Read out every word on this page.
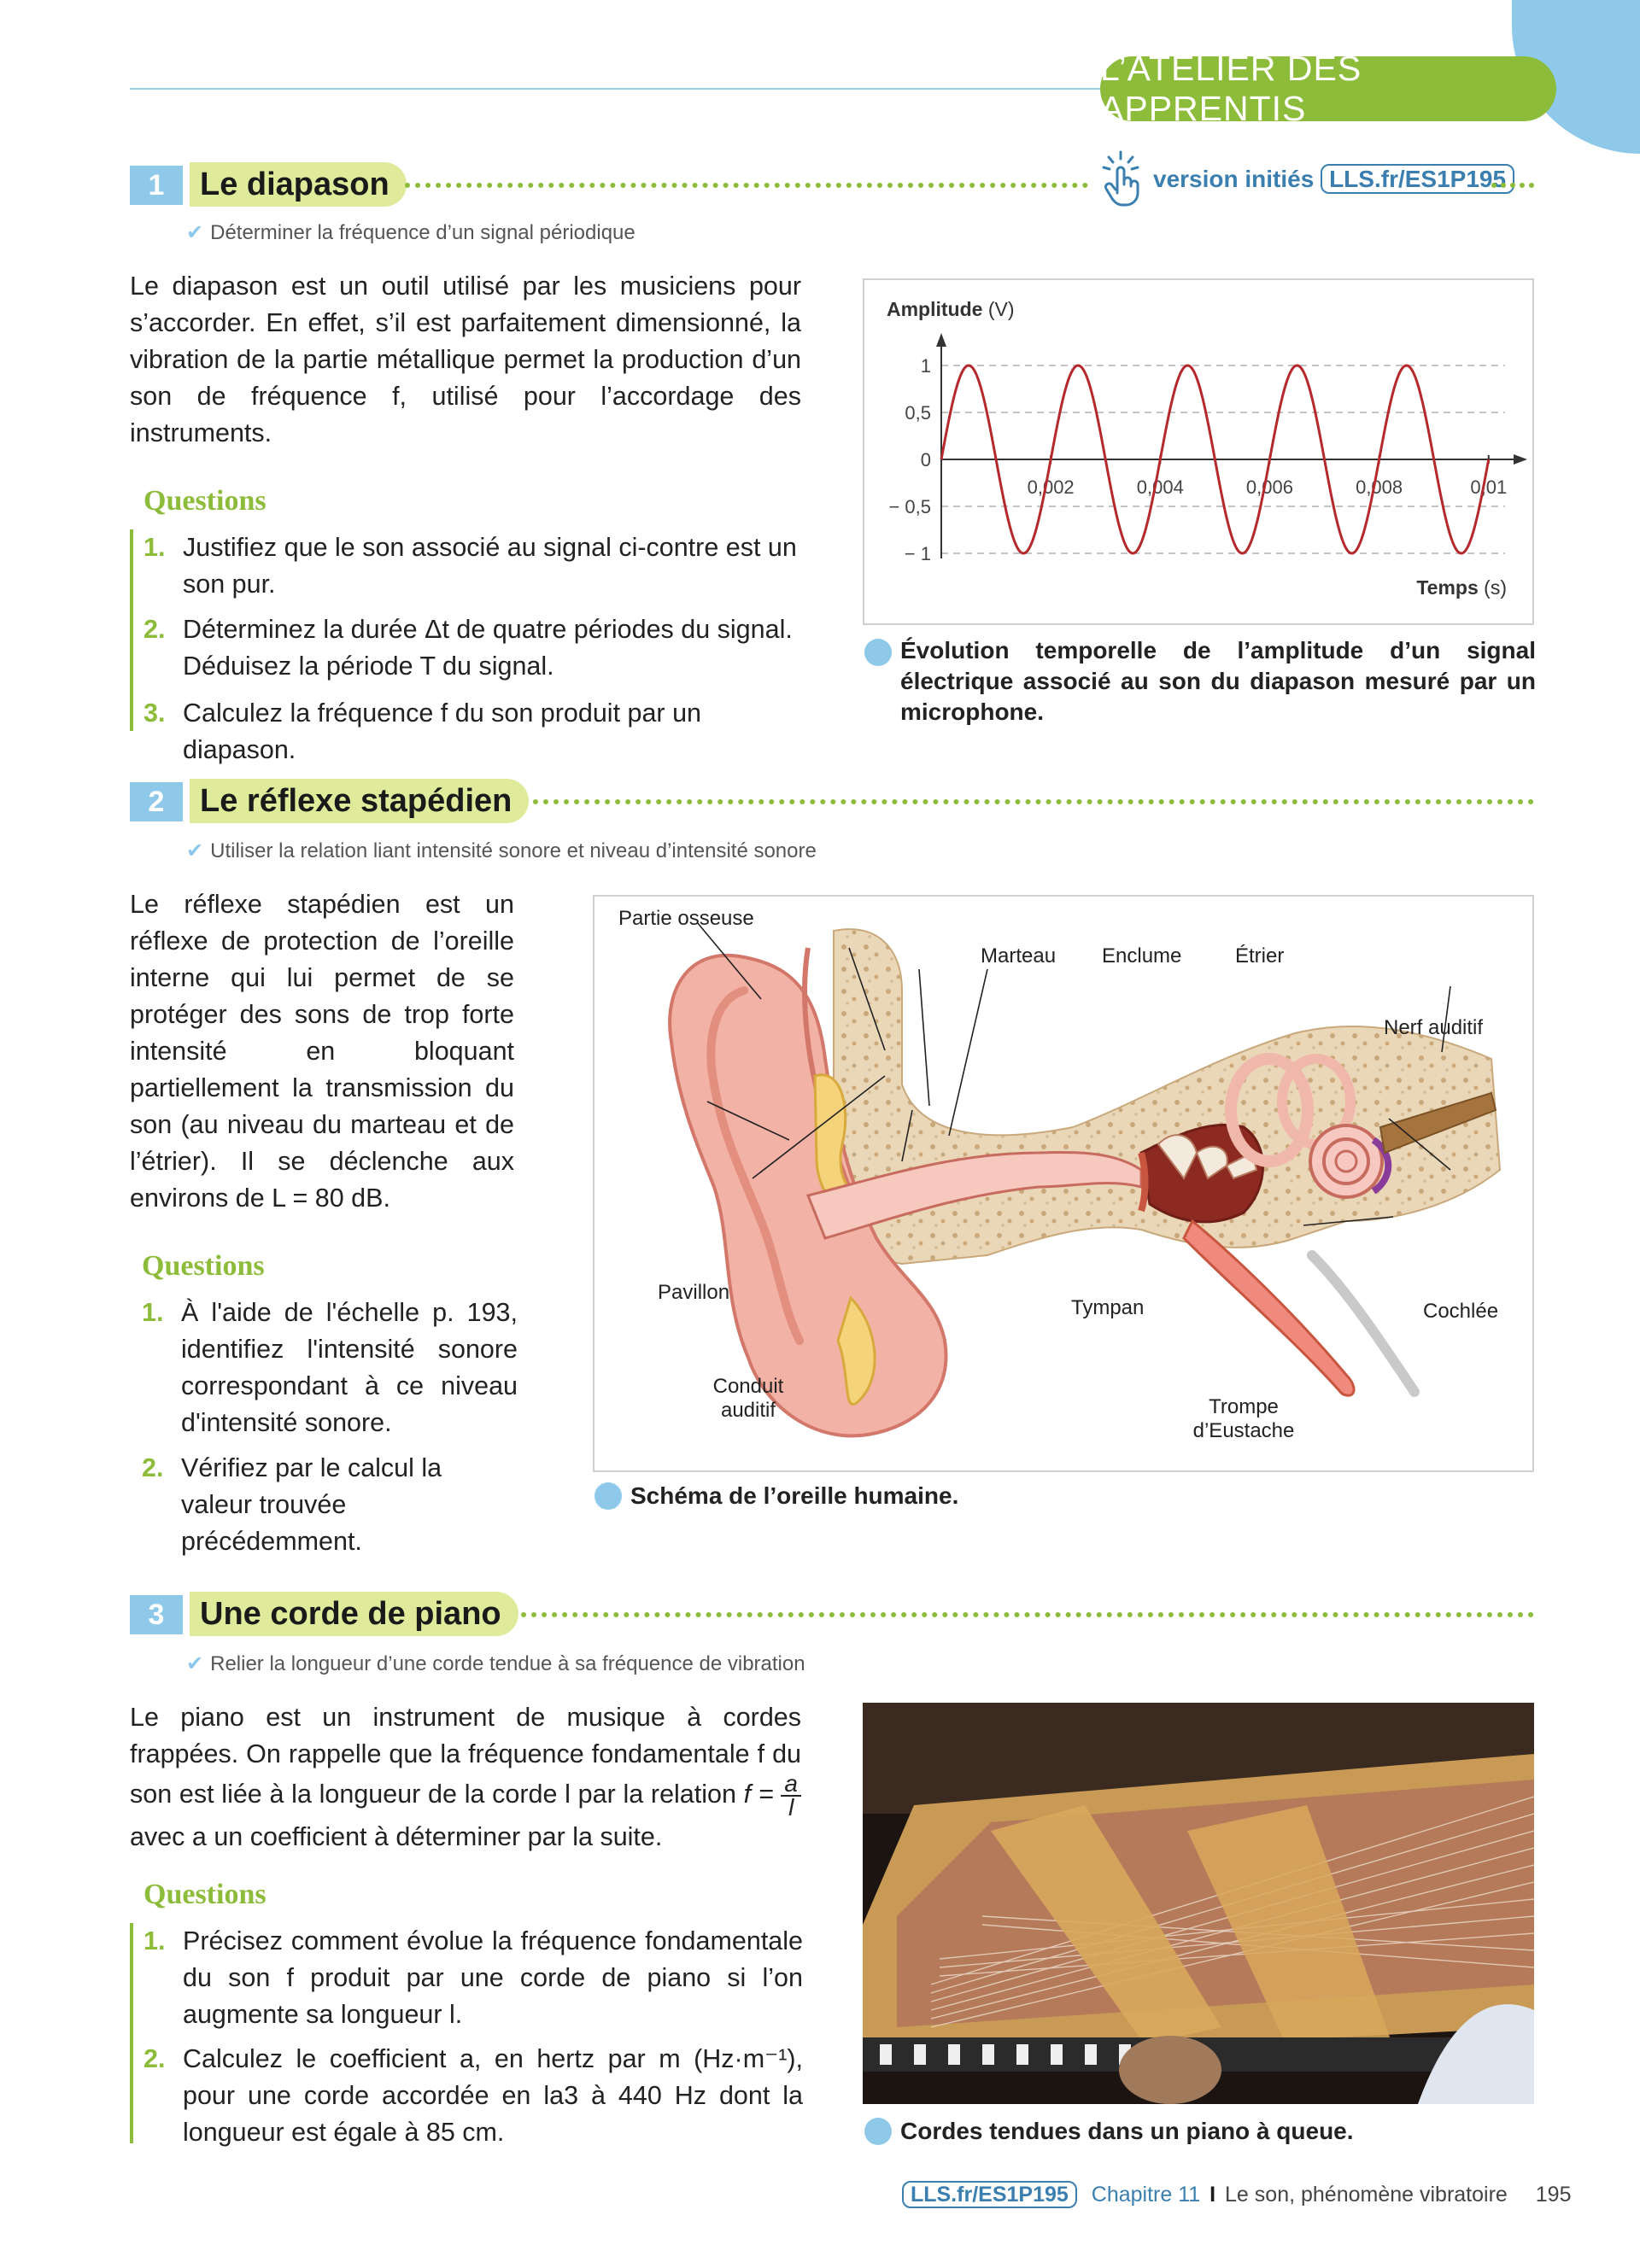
L’ATELIER DES APPRENTIS
1	Le diapason	version initiés LLS.fr/ES1P195
✔ Déterminer la fréquence d’un signal périodique
Le diapason est un outil utilisé par les musiciens pour s’accorder. En effet, s’il est parfaitement dimensionné, la vibration de la partie métallique permet la production d’un son de fréquence f, utilisé pour l’accordage des instruments.
Questions
1. Justifiez que le son associé au signal ci-contre est un son pur.
2. Déterminez la durée Δt de quatre périodes du signal. Déduisez la période T du signal.
3. Calculez la fréquence f du son produit par un diapason.
1
0,5
0
− 0,5
− 1
0,002	0,004	0,006	0,008	0,01
Amplitude (V)
Temps (s)
Évolution temporelle de l’amplitude d’un signal électrique associé au son du diapason mesuré par un microphone.
2	Le réflexe stapédien
✔ Utiliser la relation liant intensité sonore et niveau d’intensité sonore
Le réflexe stapédien est un réflexe de protection de l’oreille interne qui lui permet de se protéger des sons de trop forte intensité en bloquant partiellement la transmission du son (au niveau du marteau et de l’étrier). Il se déclenche aux environs de L = 80 dB.
Questions
1. À l'aide de l'échelle p. 193, identifiez l'intensité sonore correspondant à ce niveau d'intensité sonore.
2. Vérifiez par le calcul la valeur trouvée précédemment.
Partie osseuse
Marteau Enclume	Étrier
Nerf auditif
Pavillon
Tympan	Cochlée
Conduit
auditif	Trompe
d’Eustache
Schéma de l’oreille humaine.
3	Une corde de piano
✔ Relier la longueur d’une corde tendue à sa fréquence de vibration
Le piano est un instrument de musique à cordes frappées. On rappelle que la fréquence fondamentale f du son est liée à la longueur de la corde l par la relation $f = \frac{a}{l}$
avec a un coefficient à déterminer par la suite.
Questions
1. Précisez comment évolue la fréquence fondamentale du son f produit par une corde de piano si l’on augmente sa longueur l.
2. Calculez le coefficient a, en hertz par m (Hz·m⁻¹), pour une corde accordée en la3 à 440 Hz dont la longueur est égale à 85 cm.	Cordes tendues dans un piano à queue.
LLS.fr/ES1P195 Chapitre 11 I Le son, phénomène vibratoire 195
